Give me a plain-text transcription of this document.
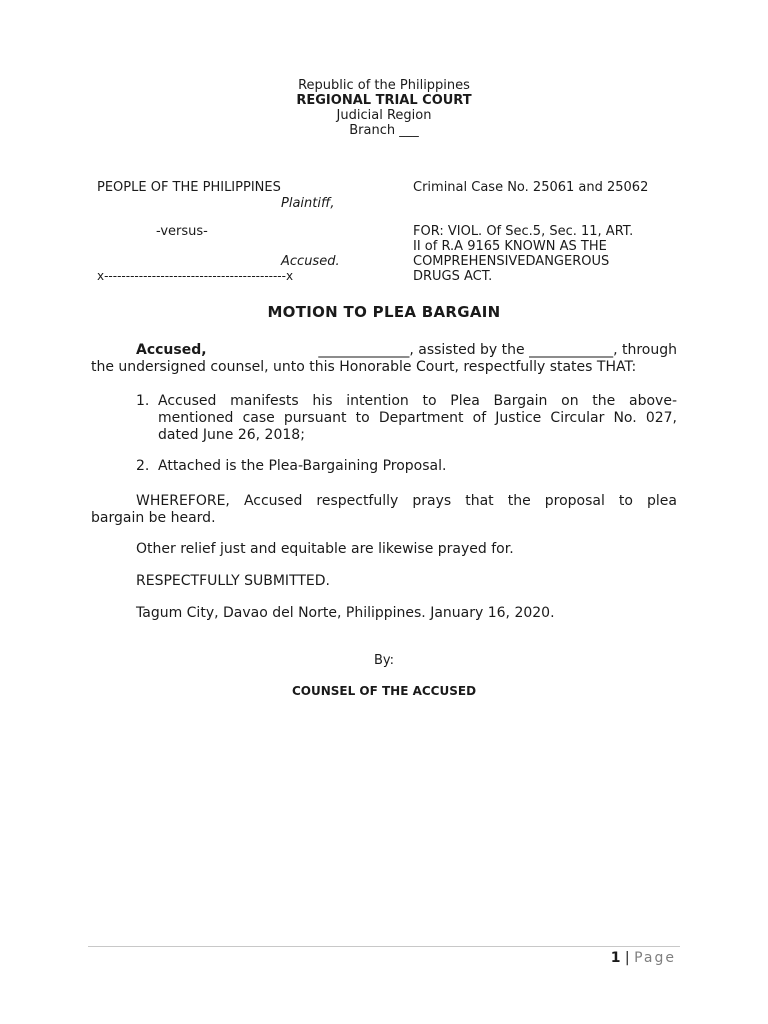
Republic of the Philippines
REGIONAL TRIAL COURT
Judicial Region
Branch ___
PEOPLE OF THE PHILIPPINES
Plaintiff,
-versus-
Accused.
x------------------------------------------x
Criminal Case No. 25061 and 25062
FOR: VIOL. Of Sec.5, Sec. 11, ART.
II of R.A 9165 KNOWN AS THE
COMPREHENSIVEDANGEROUS
DRUGS ACT.
MOTION TO PLEA BARGAIN
Accused,	_____________, assisted by the ____________, through
the undersigned counsel, unto this Honorable Court, respectfully states THAT:
1. Accused manifests his intention to Plea Bargain on the above-
mentioned case pursuant to Department of Justice Circular No. 027,
dated June 26, 2018;
2. Attached is the Plea-Bargaining Proposal.
WHEREFORE, Accused respectfully prays that the proposal to plea
bargain be heard.
Other relief just and equitable are likewise prayed for.
RESPECTFULLY SUBMITTED.
Tagum City, Davao del Norte, Philippines. January 16, 2020.
By:
COUNSEL OF THE ACCUSED
1 | Page
